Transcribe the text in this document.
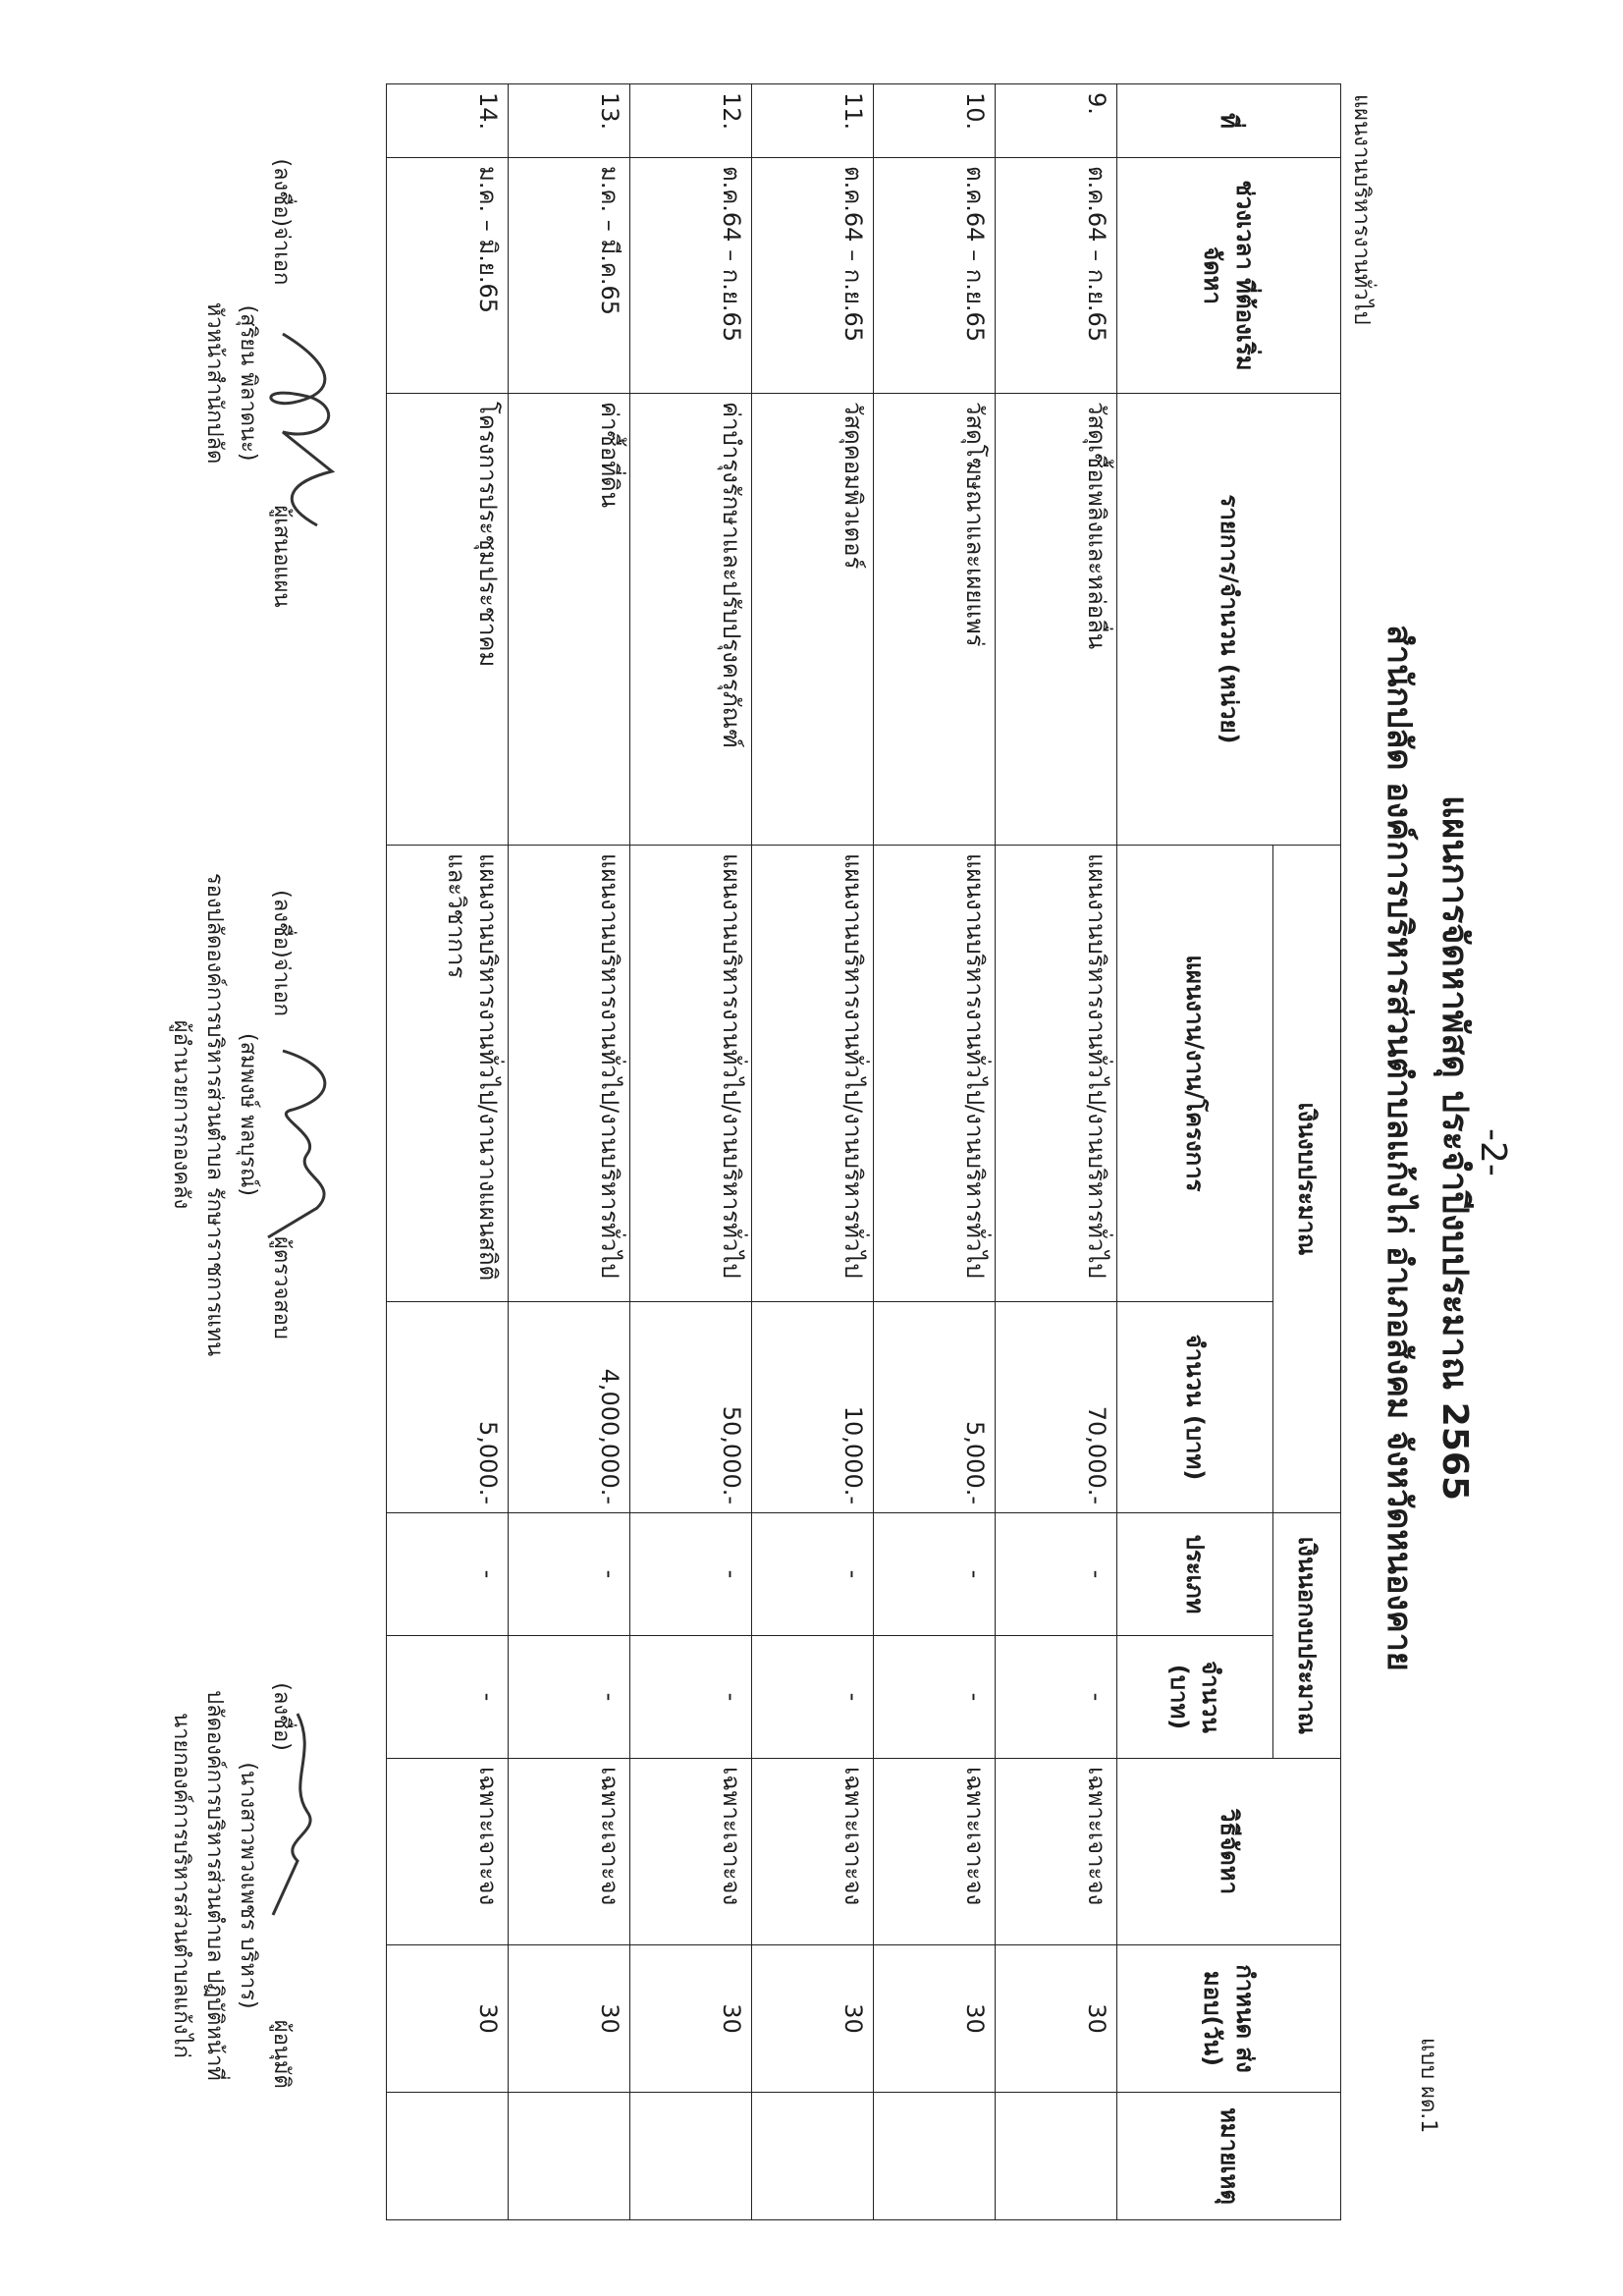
-2-
แผนการจัดหาพัสดุ ประจำปีงบประมาณ 2565
สำนักปลัด องค์การบริหารส่วนตำบลแก้งไก่ อำเภอสังคม จังหวัดหนองคาย
แบบ ผด.1
แผนงานบริหารงานทั่วไป
ที่	ช่วงเวลา ที่ต้องเริ่มจัดหา	รายการ/จำนวน (หน่วย)	เงินงบประมาณ		เงินนอกงบประมาณ		วิธีจัดหา	กำหนด ส่งมอบ(วัน)	หมายเหตุ
			แผนงาน/งาน/โครงการ	จำนวน (บาท)	ประเภท	จำนวน (บาท)			
9.	ต.ค.64 – ก.ย.65	วัสดุเชื้อเพลิงและหล่อลื่น	แผนงานบริหารงานทั่วไป/งานบริหารทั่วไป	70,000.-	-	-	เฉพาะเจาะจง	30	
10.	ต.ค.64 – ก.ย.65	วัสดุโฆษณาและเผยแพร่	แผนงานบริหารงานทั่วไป/งานบริหารทั่วไป	5,000.-	-	-	เฉพาะเจาะจง	30	
11.	ต.ค.64 – ก.ย.65	วัสดุคอมพิวเตอร์	แผนงานบริหารงานทั่วไป/งานบริหารทั่วไป	10,000.-	-	-	เฉพาะเจาะจง	30	
12.	ต.ค.64 – ก.ย.65	ค่าบำรุงรักษาและปรับปรุงครุภัณฑ์	แผนงานบริหารงานทั่วไป/งานบริหารทั่วไป	50,000.-	-	-	เฉพาะเจาะจง	30	
13.	ม.ค. – มี.ค.65	ค่าซื้อที่ดิน	แผนงานบริหารงานทั่วไป/งานบริหารทั่วไป	4,000,000.-	-	-	เฉพาะเจาะจง	30	
14.	ม.ค. – มิ.ย.65	โครงการประชุมประชาคม	แผนงานบริหารงานทั่วไป/งานวางแผนสถิติและวิชาการ	5,000.-	-	-	เฉพาะเจาะจง	30	
(ลงชื่อ)จ่าเอก  ผู้เสนอแผน
(สุริยน พิลาดนะ)
หัวหน้าสำนักปลัด
(ลงชื่อ)จ่าเอก  ผู้ตรวจสอบ
(สมพงษ์ พลบุรณ์)
รองปลัดองค์การบริหารส่วนตำบล รักษาราชการแทน
ผู้อำนวยการกองคลัง
(ลงชื่อ)  ผู้อนุมัติ
(นางสาวพวงเพชร บริหาร)
ปลัดองค์การบริหารส่วนตำบล ปฏิบัติหน้าที่
นายกองค์การบริหารส่วนตำบลแก้งไก่
